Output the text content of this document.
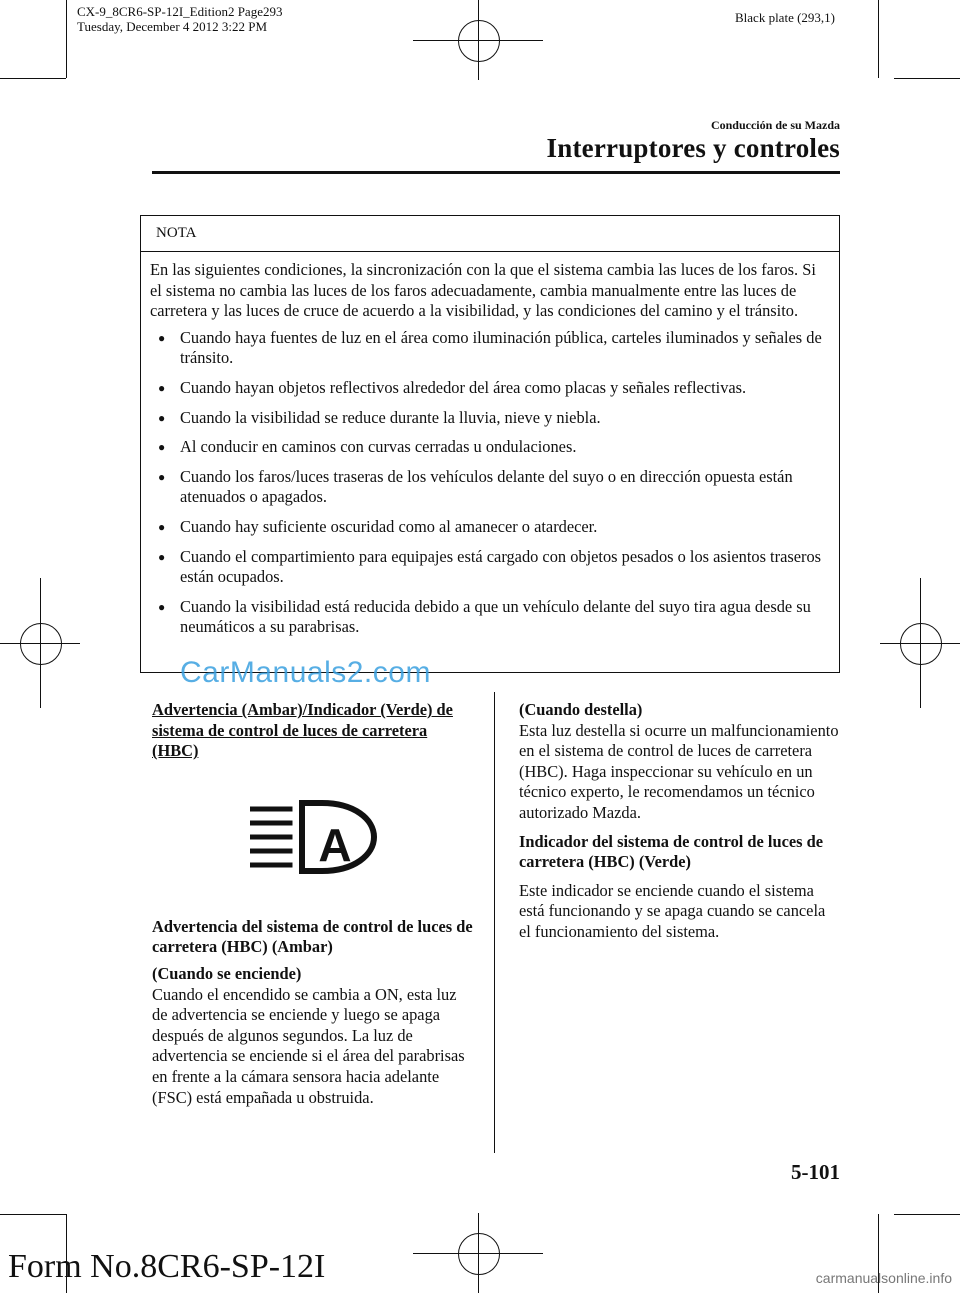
CX-9_8CR6-SP-12I_Edition2 Page293
Tuesday, December 4 2012 3:22 PM
Black plate (293,1)
Conducción de su Mazda
Interruptores y controles
NOTA

En las siguientes condiciones, la sincronización con la que el sistema cambia las luces de los faros. Si el sistema no cambia las luces de los faros adecuadamente, cambia manualmente entre las luces de carretera y las luces de cruce de acuerdo a la visibilidad, y las condiciones del camino y el tránsito.

● Cuando haya fuentes de luz en el área como iluminación pública, carteles iluminados y señales de tránsito.
● Cuando hayan objetos reflectivos alrededor del área como placas y señales reflectivas.
● Cuando la visibilidad se reduce durante la lluvia, nieve y niebla.
● Al conducir en caminos con curvas cerradas u ondulaciones.
● Cuando los faros/luces traseras de los vehículos delante del suyo o en dirección opuesta están atenuados o apagados.
● Cuando hay suficiente oscuridad como al amanecer o atardecer.
● Cuando el compartimiento para equipajes está cargado con objetos pesados o los asientos traseros están ocupados.
● Cuando la visibilidad está reducida debido a que un vehículo delante del suyo tira agua desde su neumáticos a su parabrisas.

Advertencia (Ambar)/Indicador (Verde) de sistema de control de luces de carretera (HBC)

A

Advertencia del sistema de control de luces de carretera (HBC) (Ambar)

(Cuando se enciende)

Cuando el encendido se cambia a ON, esta luz de advertencia se enciende y luego se apaga después de algunos segundos. La luz de advertencia se enciende si el área del parabrisas en frente a la cámara sensora hacia adelante (FSC) está empañada u obstruida.

(Cuando destella)

Esta luz destella si ocurre un malfuncionamiento en el sistema de control de luces de carretera (HBC). Haga inspeccionar su vehículo en un técnico experto, le recomendamos un técnico autorizado Mazda.

Indicador del sistema de control de luces de carretera (HBC) (Verde)

Este indicador se enciende cuando el sistema está funcionando y se apaga cuando se cancela el funcionamiento del sistema.

CarManuals2.com
5-101
Form No.8CR6-SP-12I	carmanualsonline.info
